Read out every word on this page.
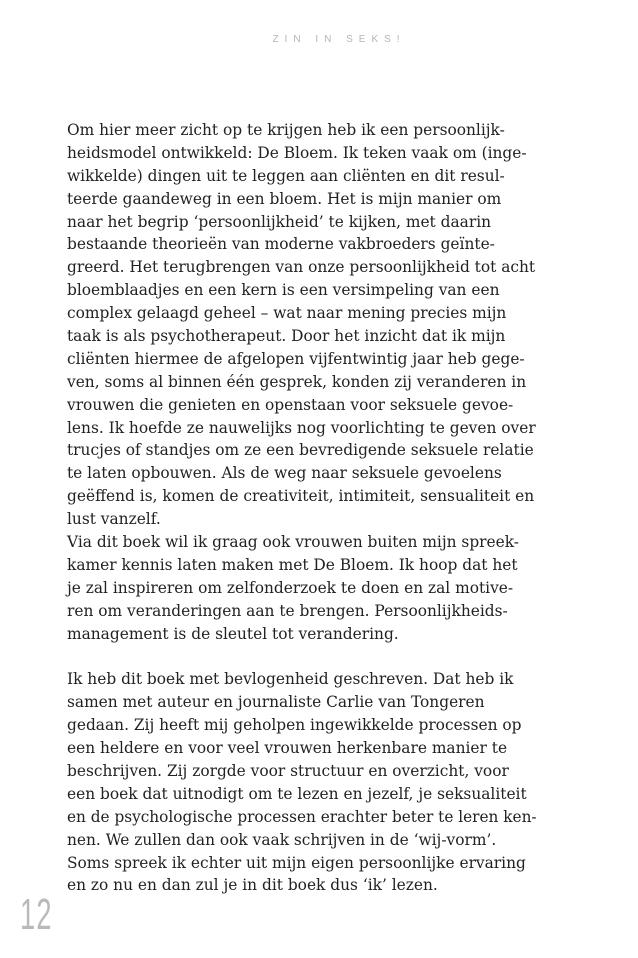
ZIN IN SEKS!
Om hier meer zicht op te krijgen heb ik een persoonlijk-
heidsmodel ontwikkeld: De Bloem. Ik teken vaak om (inge-
wikkelde) dingen uit te leggen aan cliënten en dit resul-
teerde gaandeweg in een bloem. Het is mijn manier om
naar het begrip ‘persoonlijkheid’ te kijken, met daarin
bestaande theorieën van moderne vakbroeders geïnte-
greerd. Het terugbrengen van onze persoonlijkheid tot acht
bloemblaadjes en een kern is een versimpeling van een
complex gelaagd geheel – wat naar mening precies mijn
taak is als psychotherapeut. Door het inzicht dat ik mijn
cliënten hiermee de afgelopen vijfentwintig jaar heb gege-
ven, soms al binnen één gesprek, konden zij veranderen in
vrouwen die genieten en openstaan voor seksuele gevoe-
lens. Ik hoefde ze nauwelijks nog voorlichting te geven over
trucjes of standjes om ze een bevredigende seksuele relatie
te laten opbouwen. Als de weg naar seksuele gevoelens
geëffend is, komen de creativiteit, intimiteit, sensualiteit en
lust vanzelf.
Via dit boek wil ik graag ook vrouwen buiten mijn spreek-
kamer kennis laten maken met De Bloem. Ik hoop dat het
je zal inspireren om zelfonderzoek te doen en zal motive-
ren om veranderingen aan te brengen. Persoonlijkheids-
management is de sleutel tot verandering.
Ik heb dit boek met bevlogenheid geschreven. Dat heb ik
samen met auteur en journaliste Carlie van Tongeren
gedaan. Zij heeft mij geholpen ingewikkelde processen op
een heldere en voor veel vrouwen herkenbare manier te
beschrijven. Zij zorgde voor structuur en overzicht, voor
een boek dat uitnodigt om te lezen en jezelf, je seksualiteit
en de psychologische processen erachter beter te leren ken-
nen. We zullen dan ook vaak schrijven in de ‘wij-vorm’.
Soms spreek ik echter uit mijn eigen persoonlijke ervaring
en zo nu en dan zul je in dit boek dus ‘ik’ lezen.
12
